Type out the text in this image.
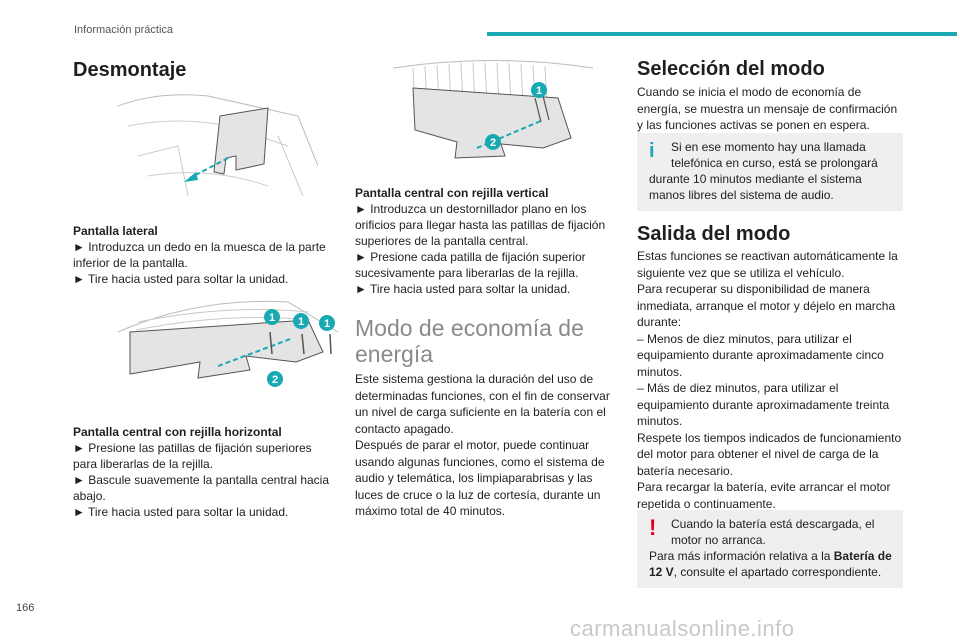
Información práctica
Desmontaje

Pantalla lateral

► Introduzca un dedo en la muesca de la parte inferior de la pantalla.

► Tire hacia usted para soltar la unidad.

1 1 1
2

Pantalla central con rejilla horizontal

► Presione las patillas de fijación superiores para liberarlas de la rejilla.

► Bascule suavemente la pantalla central hacia abajo.

► Tire hacia usted para soltar la unidad.

1
2

Pantalla central con rejilla vertical

► Introduzca un destornillador plano en los orificios para llegar hasta las patillas de fijación superiores de la pantalla central.

► Presione cada patilla de fijación superior sucesivamente para liberarlas de la rejilla.

► Tire hacia usted para soltar la unidad.

Modo de economía de

energía

Este sistema gestiona la duración del uso de determinadas funciones, con el fin de conservar un nivel de carga suficiente en la batería con el contacto apagado.

Después de parar el motor, puede continuar usando algunas funciones, como el sistema de audio y telemática, los limpiaparabrisas y las luces de cruce o la luz de cortesía, durante un máximo total de 40 minutos.

Selección del modo

Cuando se inicia el modo de economía de energía, se muestra un mensaje de confirmación y las funciones activas se ponen en espera.

i	Si en ese momento hay una llamada telefónica en curso, está se prolongará
durante 10 minutos mediante el sistema manos libres del sistema de audio.
Salida del modo

Estas funciones se reactivan automáticamente la siguiente vez que se utiliza el vehículo.

Para recuperar su disponibilidad de manera inmediata, arranque el motor y déjelo en marcha durante:

– Menos de diez minutos, para utilizar el equipamiento durante aproximadamente cinco minutos.

– Más de diez minutos, para utilizar el equipamiento durante aproximadamente treinta minutos.

Respete los tiempos indicados de funcionamiento del motor para obtener el nivel de carga de la batería necesario.

Para recargar la batería, evite arrancar el motor repetida o continuamente.

!	Cuando la batería está descargada, el motor no arranca.
Para más información relativa a la Batería de 12 V, consulte el apartado correspondiente.
166
carmanualsonline.info
